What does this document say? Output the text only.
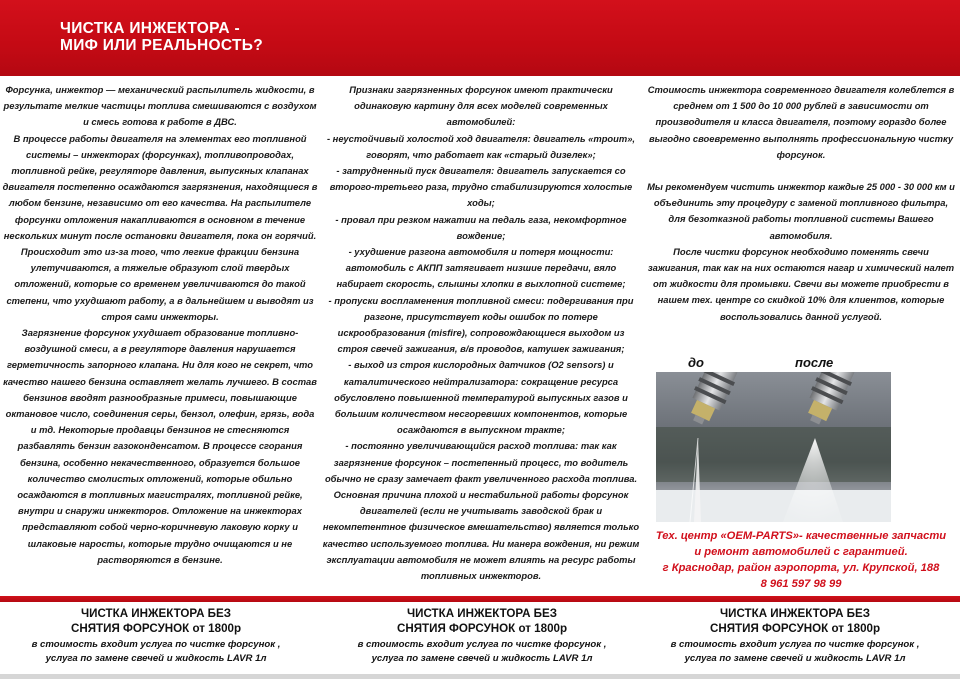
ЧИСТКА ИНЖЕКТОРА -
МИФ ИЛИ РЕАЛЬНОСТЬ?

Форсунка, инжектор — механический распылитель жидкости, в результате мелкие частицы топлива смешиваются с воздухом и смесь готова к работе в ДВС.

В процессе работы двигателя на элементах его топливной системы – инжекторах (форсунках), топливопроводах, топливной рейке, регуляторе давления, выпускных клапанах двигателя постепенно осаждаются загрязнения, находящиеся в любом бензине, независимо от его качества. На распылителе форсунки отложения накапливаются в основном в течение нескольких минут после остановки двигателя, пока он горячий. Происходит это из-за того, что легкие фракции бензина улетучиваются, а тяжелые образуют слой твердых отложений, которые со временем увеличиваются до такой степени, что ухудшают работу, а в дальнейшем и выводят из строя сами инжекторы.

Загрязнение форсунок ухудшает образование топливно-воздушной смеси, а в регуляторе давления нарушается герметичность запорного клапана. Ни для кого не секрет, что качество нашего бензина оставляет желать лучшего. В состав бензинов вводят разнообразные примеси, повышающие октановое число, соединения серы, бензол, олефин, грязь, вода и тд. Некоторые продавцы бензинов не стесняются разбавлять бензин газоконденсатом. В процессе сгорания бензина, особенно некачественного, образуется большое количество смолистых отложений, которые обильно осаждаются в топливных магистралях, топливной рейке, внутри и снаружи инжекторов. Отложение на инжекторах представляют собой черно-коричневую лаковую корку и шлаковые наросты, которые трудно очищаются и не растворяются в бензине.

Признаки загрязненных форсунок имеют практически одинаковую картину для всех моделей современных автомобилей:

- неустойчивый холостой ход двигателя: двигатель «троит», говорят, что работает как «старый дизелек»;

- затрудненный пуск двигателя: двигатель запускается со второго-третьего раза, трудно стабилизируются холостые ходы;

- провал при резком нажатии на педаль газа, некомфортное вождение;

- ухудшение разгона автомобиля и потеря мощности: автомобиль с АКПП затягивает низшие передачи, вяло набирает скорость, слышны хлопки в выхлопной системе;

- пропуски воспламенения топливной смеси: подергивания при разгоне, присутствует коды ошибок по потере искрообразования (misfire), сопровождающиеся выходом из строя свечей зажигания, в/в проводов, катушек зажигания;

- выход из строя кислородных датчиков (O2 sensors) и каталитического нейтрализатора: сокращение ресурса обусловлено повышенной температурой выпускных газов и большим количеством несгоревших компонентов, которые осаждаются в выпускном тракте;

- постоянно увеличивающийся расход топлива: так как загрязнение форсунок – постепенный процесс, то водитель обычно не сразу замечает факт увеличенного расхода топлива. Основная причина плохой и нестабильной работы форсунок двигателей (если не учитывать заводской брак и некомпетентное физическое вмешательство) является только качество используемого топлива. Ни манера вождения, ни режим эксплуатации автомобиля не может влиять на ресурс работы топливных инжекторов.

Стоимость инжектора современного двигателя колеблется в среднем от 1 500 до 10 000 рублей в зависимости от производителя и класса двигателя, поэтому гораздо более выгодно своевременно выполнять профессиональную чистку форсунок.

Мы рекомендуем чистить инжектор каждые 25 000 - 30 000 км и объединить эту процедуру с заменой топливного фильтра, для безотказной работы топливной системы Вашего автомобиля.

После чистки форсунок необходимо поменять свечи зажигания, так как на них остаются нагар и химический налет от жидкости для промывки. Свечи вы можете приобрести в нашем тех. центре со скидкой 10% для клиентов, которые воспользовались данной услугой.

до	после

Тех. центр «OEM-PARTS»- качественные запчасти

и ремонт автомобилей с гарантией.

г Краснодар, район аэропорта, ул. Крупской, 188

8 961 597 98 99

ЧИСТКА ИНЖЕКТОРА БЕЗ

СНЯТИЯ ФОРСУНОК от 1800р

в стоимость входит услуга по чистке форсунок ,

услуга по замене свечей и жидкость LAVR 1л

ЧИСТКА ИНЖЕКТОРА БЕЗ

СНЯТИЯ ФОРСУНОК от 1800р

в стоимость входит услуга по чистке форсунок ,

услуга по замене свечей и жидкость LAVR 1л

ЧИСТКА ИНЖЕКТОРА БЕЗ

СНЯТИЯ ФОРСУНОК от 1800р

в стоимость входит услуга по чистке форсунок ,

услуга по замене свечей и жидкость LAVR 1л
